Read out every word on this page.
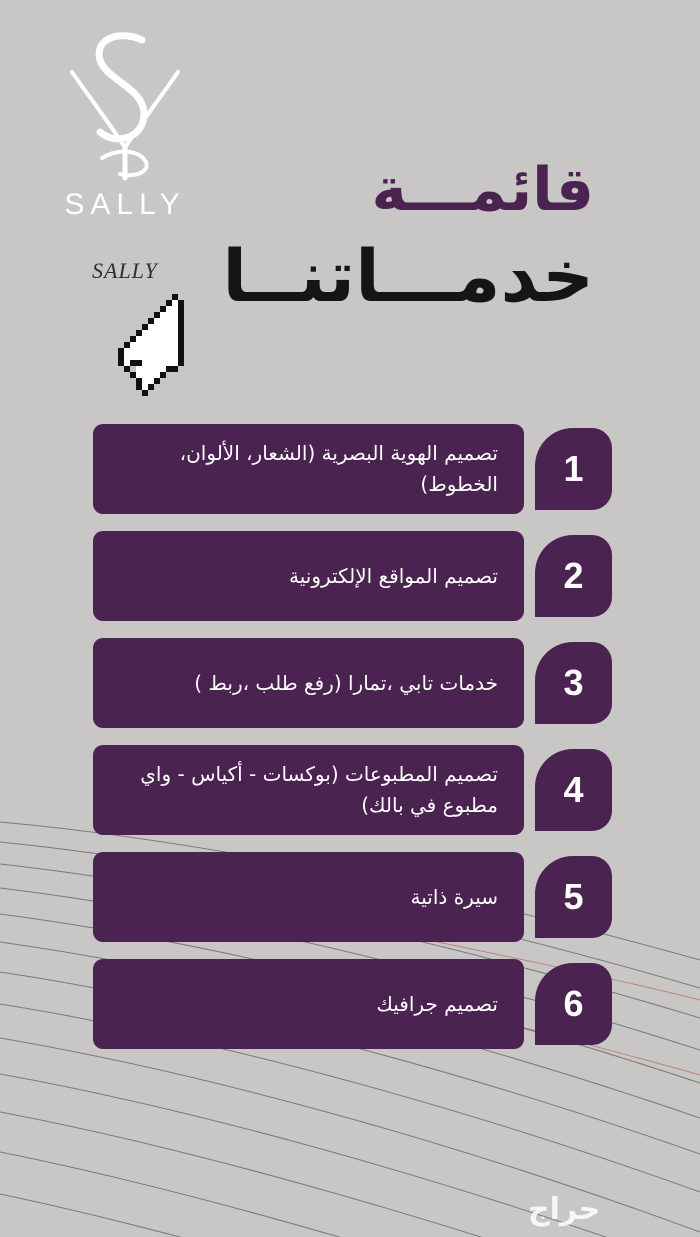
SALLY
SALLY
قائمـــة
خدمـــاتنــا
تصميم الهوية البصرية (الشعار، الألوان، الخطوط)	1
تصميم المواقع الإلكترونية	2
خدمات تابي ،تمارا (رفع طلب ،ربط )	3
تصميم المطبوعات (بوكسات - أكياس - واي مطبوع في بالك)	4
سيرة ذاتية	5
تصميم جرافيك	6
حراج
